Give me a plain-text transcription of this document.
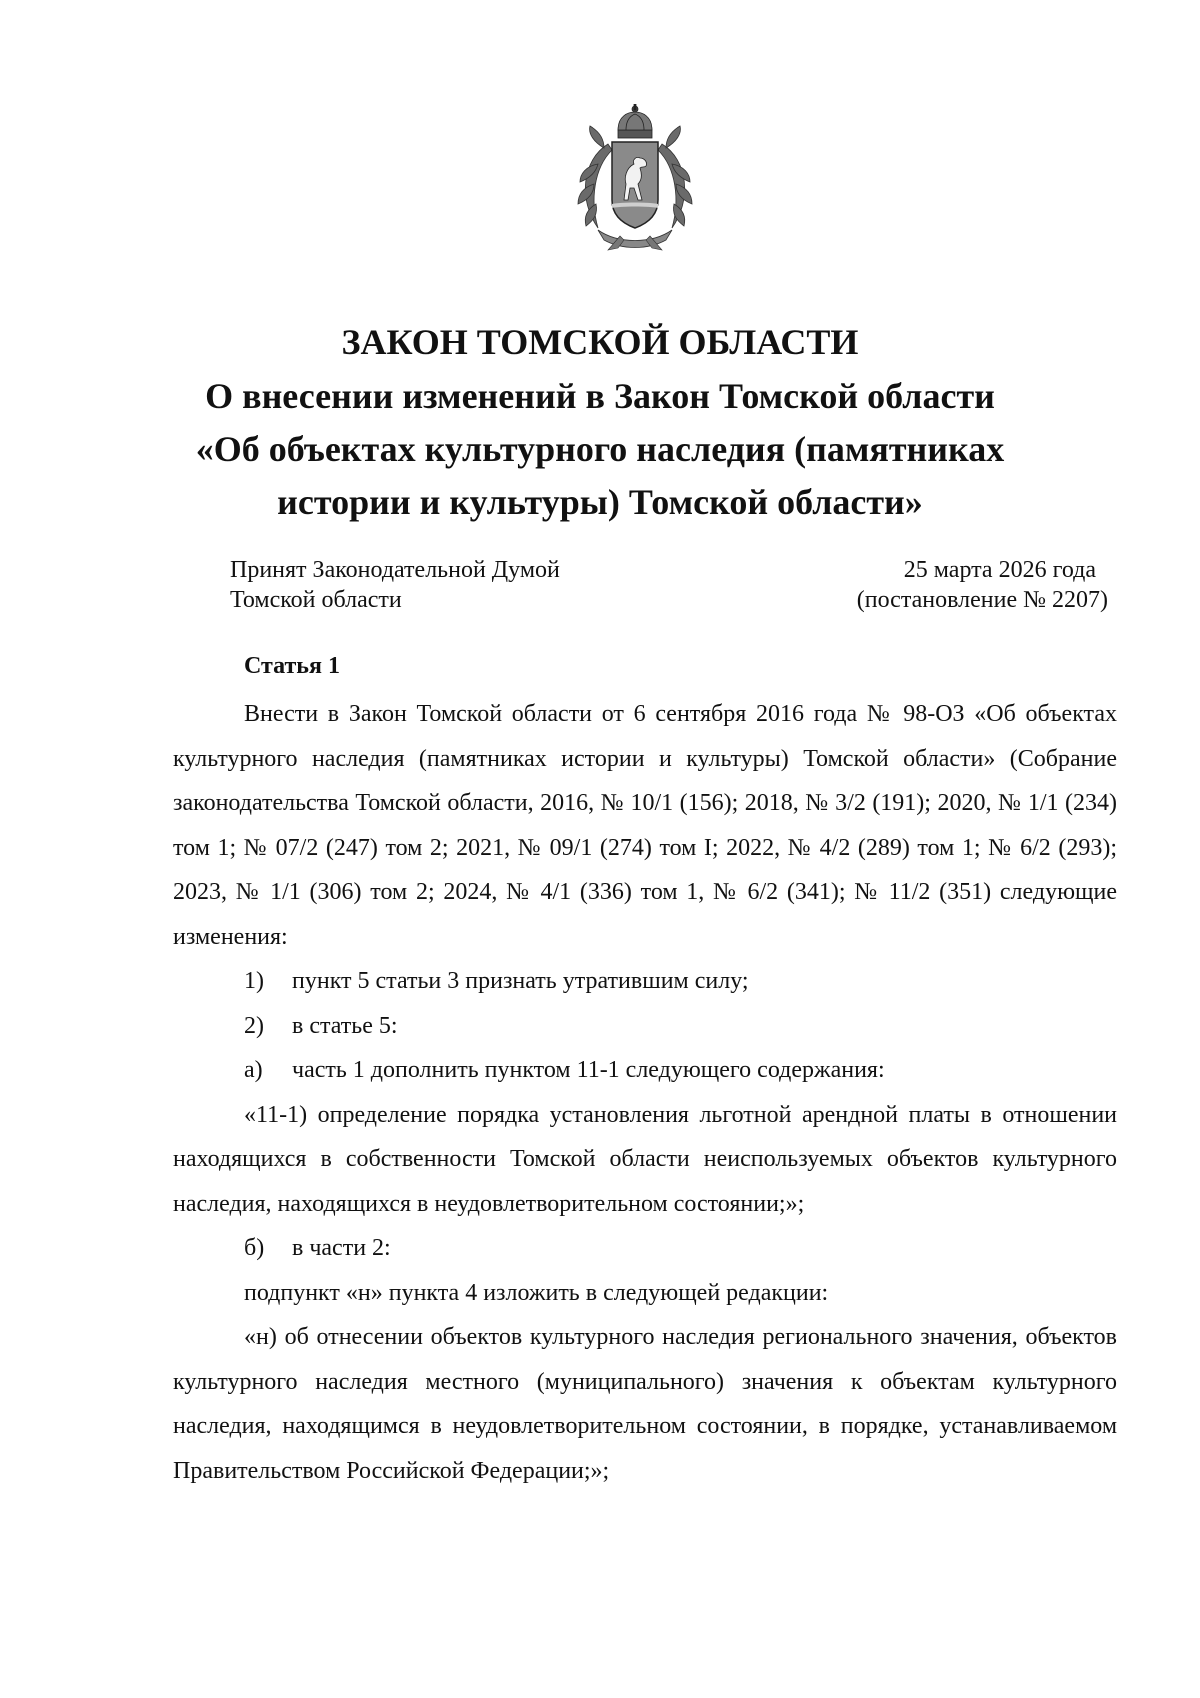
ЗАКОН ТОМСКОЙ ОБЛАСТИ
О внесении изменений в Закон Томской области
«Об объектах культурного наследия (памятниках
истории и культуры) Томской области»

Принят Законодательной Думой

Томской области

25 марта 2026 года

(постановление № 2207)

Статья 1

Внести в Закон Томской области от 6 сентября 2016 года № 98-ОЗ «Об объектах культурного наследия (памятниках истории и культуры) Томской области» (Собрание законодательства Томской области, 2016, № 10/1 (156); 2018, № 3/2 (191); 2020, № 1/1 (234) том 1; № 07/2 (247) том 2; 2021, № 09/1 (274) том I; 2022, № 4/2 (289) том 1; № 6/2 (293); 2023, № 1/1 (306) том 2; 2024, № 4/1 (336) том 1, № 6/2 (341); № 11/2 (351) следующие изменения:

1) пункт 5 статьи 3 признать утратившим силу;

2) в статье 5:

а) часть 1 дополнить пунктом 11-1 следующего содержания:

«11-1) определение порядка установления льготной арендной платы в отношении находящихся в собственности Томской области неиспользуемых объектов культурного наследия, находящихся в неудовлетворительном состоянии;»;

б) в части 2:

подпункт «н» пункта 4 изложить в следующей редакции:

«н) об отнесении объектов культурного наследия регионального значения, объектов культурного наследия местного (муниципального) значения к объектам культурного наследия, находящимся в неудовлетворительном состоянии, в порядке, устанавливаемом Правительством Российской Федерации;»;
